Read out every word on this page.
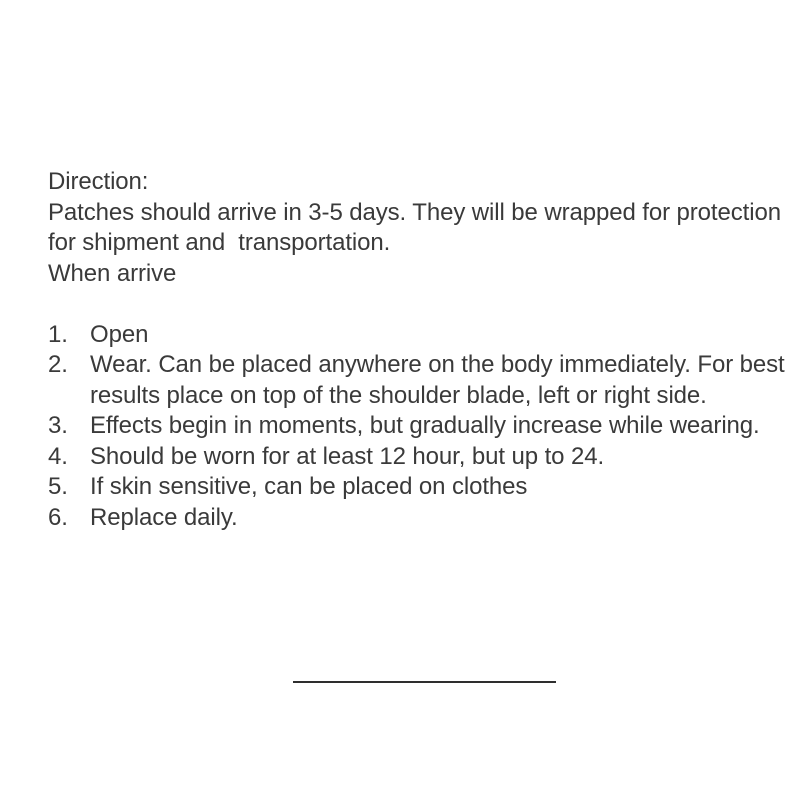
Direction:
Patches should arrive in 3-5 days. They will be wrapped for protection for shipment and  transportation.
When arrive
1. Open
2. Wear. Can be placed anywhere on the body immediately. For best results place on top of the shoulder blade, left or right side.
3. Effects begin in moments, but gradually increase while wearing.
4. Should be worn for at least 12 hour, but up to 24.
5. If skin sensitive, can be placed on clothes
6. Replace daily.
